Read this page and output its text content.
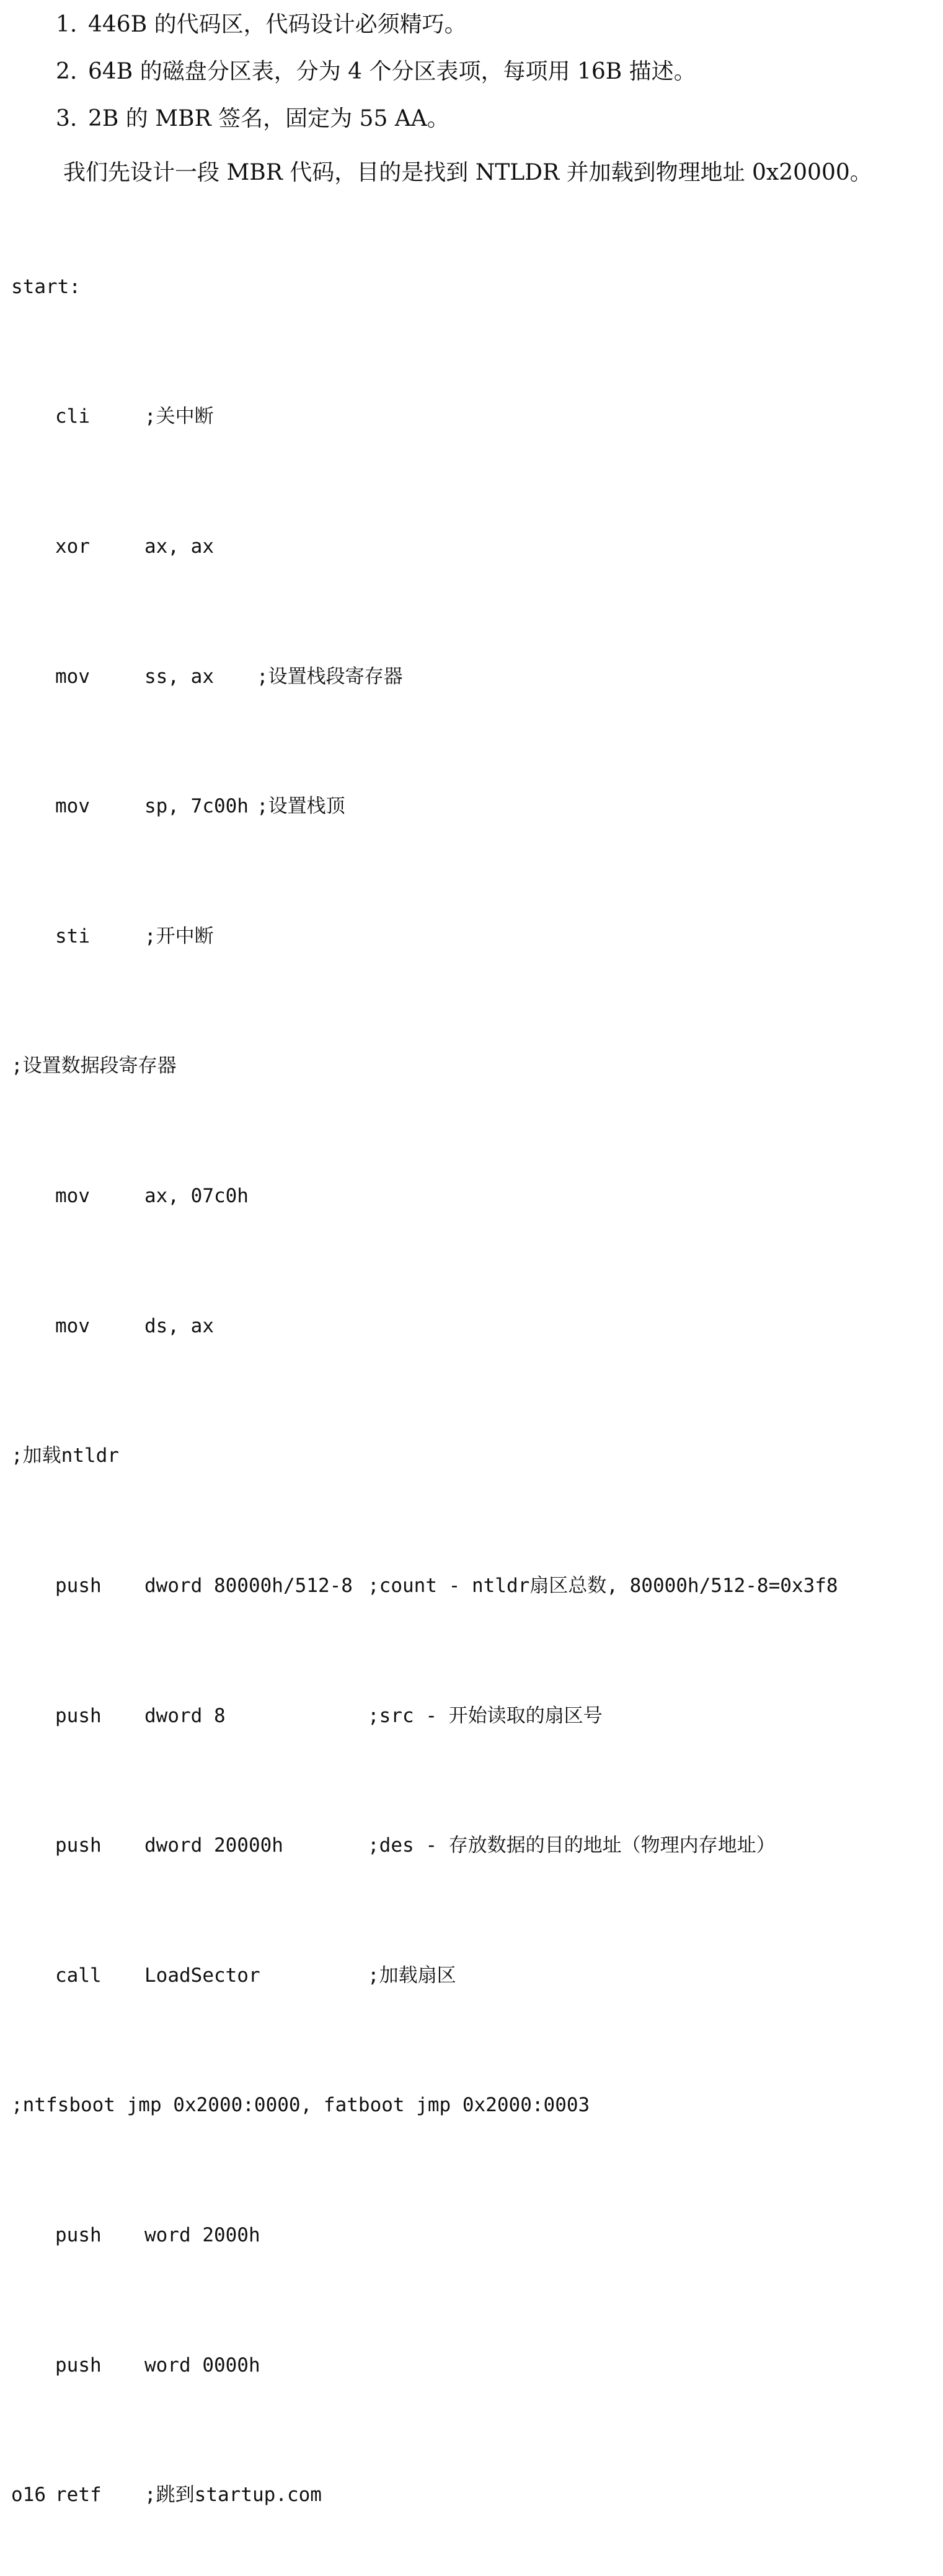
1. 446B 的代码区，代码设计必须精巧。
2. 64B 的磁盘分区表，分为 4 个分区表项，每项用 16B 描述。
3. 2B 的 MBR 签名，固定为 55 AA。

我们先设计一段 MBR 代码，目的是找到 NTLDR 并加载到物理地址 0x20000。

start:

cli	;关中断

xor	ax, ax

mov	ss, ax ;设置栈段寄存器

mov	sp, 7c00h ;设置栈顶

sti	;开中断

;设置数据段寄存器

mov	ax, 07c0h

mov	ds, ax

;加载ntldr

push dword 80000h/512-8 ;count - ntldr扇区总数, 80000h/512-8=0x3f8

push dword 8	;src - 开始读取的扇区号

push dword 20000h	;des - 存放数据的目的地址（物理内存地址）

call LoadSector	;加载扇区

;ntfsboot jmp 0x2000:0000, fatboot jmp 0x2000:0003

push word 2000h

push word 0000h

o16 retf ;跳到startup.com
